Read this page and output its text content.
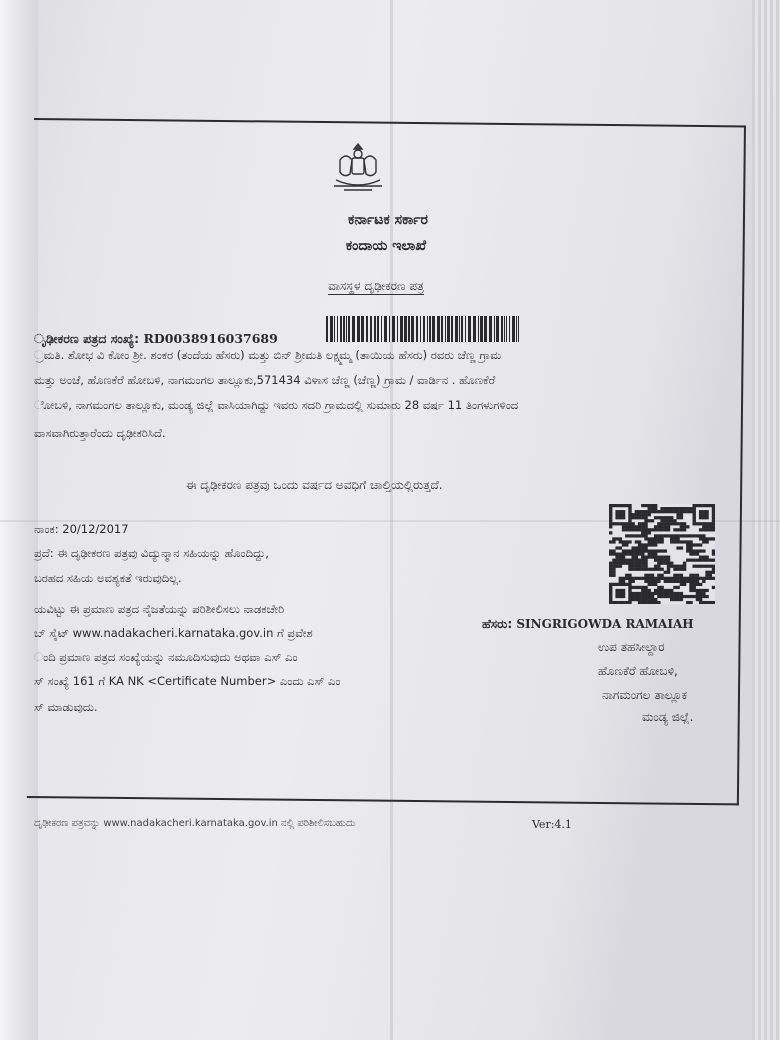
ಕರ್ನಾಟಕ ಸರ್ಕಾರ
ಕಂದಾಯ ಇಲಾಖೆ
ವಾಸಸ್ಥಳ ದೃಢೀಕರಣ ಪತ್ರ
ೃಢೀಕರಣ ಪತ್ರದ ಸಂಖ್ಯೆ: RD0038916037689
್ರಮತಿ. ಶೋಭ ವಿ ಕೋಂ ಶ್ರೀ. ಶಂಕರ (ತಂದೆಯ ಹೆಸರು) ಮತ್ತು ಬಿನ್ ಶ್ರೀಮತಿ ಲಕ್ಷ್ಮಮ್ಮ (ತಾಯಿಯ ಹೆಸರು) ರವರು ಚೆಣ್ಣ ಗ್ರಾಮ
ಮತ್ತು ಅಂಚೆ, ಹೊಣಕೆರೆ ಹೋಬಳಿ, ನಾಗಮಂಗಲ ತಾಲ್ಲೂಕು,571434 ವಿಳಾಸ ಚೆಣ್ಣ (ಚೆಣ್ಣ) ಗ್ರಾಮ / ವಾರ್ಡಿನ . ಹೊಣಕೆರೆ
ೋಬಳಿ, ನಾಗಮಂಗಲ ತಾಲ್ಲೂಕು, ಮಂಡ್ಯ ಜಿಲ್ಲೆ ವಾಸಿಯಾಗಿದ್ದು ಇವರು ಸದರಿ ಗ್ರಾಮದಲ್ಲಿ ಸುಮಾರು 28 ವರ್ಷ 11 ತಿಂಗಳುಗಳಿಂದ
ವಾಸವಾಗಿರುತ್ತಾರೆಂದು ದೃಢೀಕರಿಸಿದೆ.
ಈ ದೃಢೀಕರಣ ಪತ್ರವು ಒಂದು ವರ್ಷದ ಅವಧಿಗೆ ಚಾಲ್ತಿಯಲ್ಲಿರುತ್ತದೆ.
ನಾಂಕ: 20/12/2017
ಪ್ರದೆ: ಈ ದೃಢೀಕರಣ ಪತ್ರವು ವಿದ್ಯುನ್ಮಾನ ಸಹಿಯನ್ನು ಹೊಂದಿದ್ದು,
ಬರಹದ ಸಹಿಯ ಅವಶ್ಯಕತೆ ಇರುವುದಿಲ್ಲ.
ಯವಿಟ್ಟು ಈ ಪ್ರಮಾಣ ಪತ್ರದ ನೈಜತೆಯನ್ನು ಪರಿಶೀಲಿಸಲು ನಾಡಕಚೇರಿ
ಬ್ ಸೈಟ್ www.nadakacheri.karnataka.gov.in ಗೆ ಪ್ರವೇಶ
ಂದಿ ಪ್ರಮಾಣ ಪತ್ರದ ಸಂಖ್ಯೆಯನ್ನು ನಮೂದಿಸುವುದು ಅಥವಾ ಎಸ್ ಎಂ
ಸ್ ಸಂಖ್ಯೆ 161 ಗೆ KA NK <Certificate Number> ಎಂದು ಎಸ್ ಎಂ
ಸ್ ಮಾಡುವುದು.
ಹೆಸರು: SINGRIGOWDA RAMAIAH
ಉಪ ತಹಸೀಲ್ದಾರ
ಹೊಣಕೆರೆ ಹೋಬಳಿ,
ನಾಗಮಂಗಲ ತಾಲ್ಲೂಕ
ಮಂಡ್ಯ ಜಿಲ್ಲೆ.
ದೃಢೀಕರಣ ಪತ್ರವನ್ನು www.nadakacheri.karnataka.gov.in ನಲ್ಲಿ ಪರಿಶೀಲಿಸಬಹುದು	Ver:4.1
